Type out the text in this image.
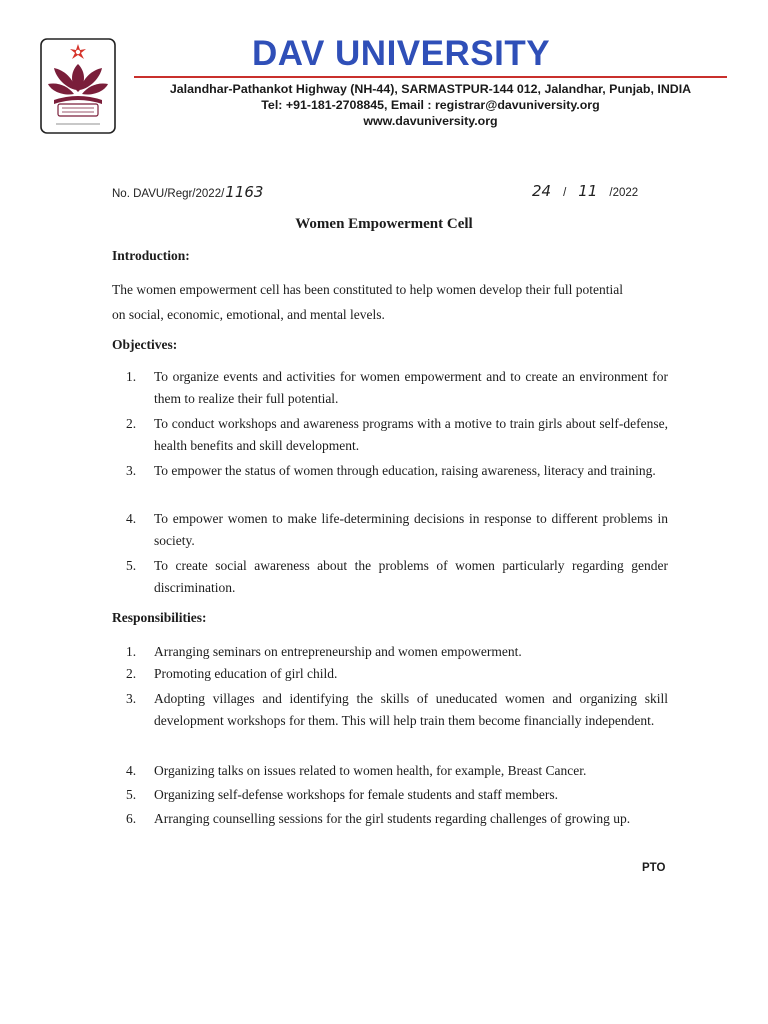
DAV UNIVERSITY
Jalandhar-Pathankot Highway (NH-44), SARMASTPUR-144 012, Jalandhar, Punjab, INDIA
Tel: +91-181-2708845, Email : registrar@davuniversity.org
www.davuniversity.org
No. DAVU/Regr/2022/1163	24 / 11 /2022
Women Empowerment Cell
Introduction:
The women empowerment cell has been constituted to help women develop their full potential
on social, economic, emotional, and mental levels.
Objectives:
1.	To organize events and activities for women empowerment and to create an environment for them to realize their full potential.
2.	To conduct workshops and awareness programs with a motive to train girls about self-defense, health benefits and skill development.
3.	To empower the status of women through education, raising awareness, literacy and training.
4.	To empower women to make life-determining decisions in response to different problems in society.
5.	To create social awareness about the problems of women particularly regarding gender discrimination.
Responsibilities:
1.	Arranging seminars on entrepreneurship and women empowerment.
2.	Promoting education of girl child.
3.	Adopting villages and identifying the skills of uneducated women and organizing skill development workshops for them. This will help train them become financially independent.
4.	Organizing talks on issues related to women health, for example, Breast Cancer.
5.	Organizing self-defense workshops for female students and staff members.
6.	Arranging counselling sessions for the girl students regarding challenges of growing up.
PTO
